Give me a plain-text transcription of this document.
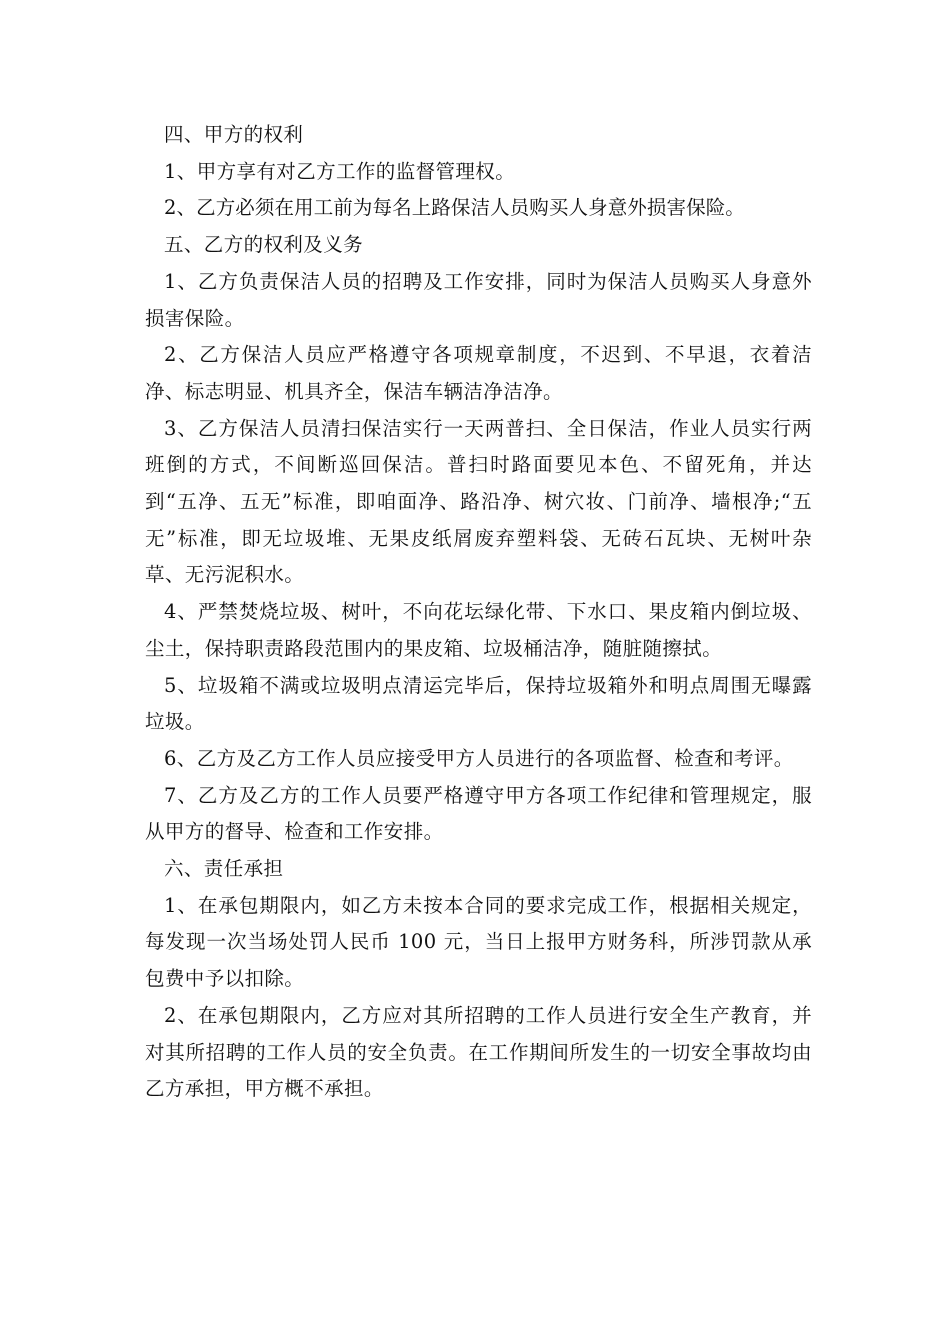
四、甲方的权利

1、甲方享有对乙方工作的监督管理权。

2、乙方必须在用工前为每名上路保洁人员购买人身意外损害保险。

五、乙方的权利及义务

1、乙方负责保洁人员的招聘及工作安排，同时为保洁人员购买人身意外损害保险。

2、乙方保洁人员应严格遵守各项规章制度，不迟到、不早退，衣着洁净、标志明显、机具齐全，保洁车辆洁净洁净。

3、乙方保洁人员清扫保洁实行一天两普扫、全日保洁，作业人员实行两班倒的方式，不间断巡回保洁。普扫时路面要见本色、不留死角，并达到“五净、五无”标准，即咱面净、路沿净、树穴妆、门前净、墙根净;“五无”标准，即无垃圾堆、无果皮纸屑废弃塑料袋、无砖石瓦块、无树叶杂草、无污泥积水。

4、严禁焚烧垃圾、树叶，不向花坛绿化带、下水口、果皮箱内倒垃圾、尘土，保持职责路段范围内的果皮箱、垃圾桶洁净，随脏随擦拭。

5、垃圾箱不满或垃圾明点清运完毕后，保持垃圾箱外和明点周围无曝露垃圾。

6、乙方及乙方工作人员应接受甲方人员进行的各项监督、检查和考评。

7、乙方及乙方的工作人员要严格遵守甲方各项工作纪律和管理规定，服从甲方的督导、检查和工作安排。

六、责任承担

1、在承包期限内，如乙方未按本合同的要求完成工作，根据相关规定，每发现一次当场处罚人民币 100 元，当日上报甲方财务科，所涉罚款从承包费中予以扣除。

2、在承包期限内，乙方应对其所招聘的工作人员进行安全生产教育，并对其所招聘的工作人员的安全负责。在工作期间所发生的一切安全事故均由乙方承担，甲方概不承担。
